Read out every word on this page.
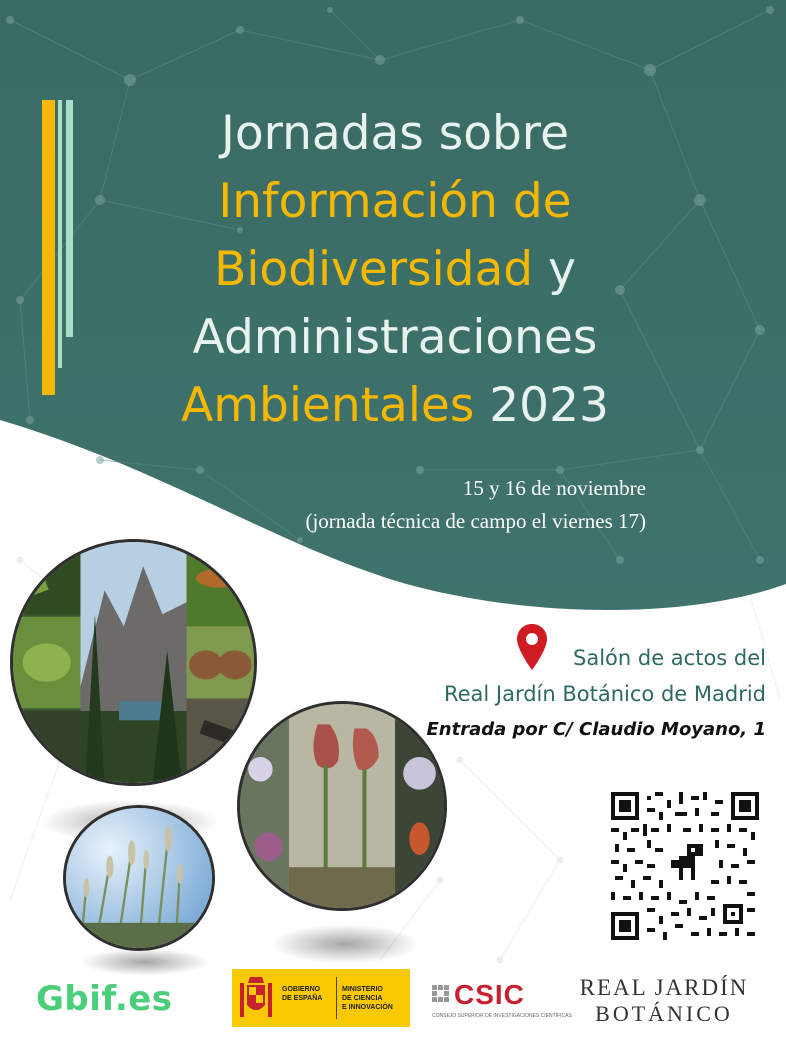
Jornadas sobre
Información de
Biodiversidad y
Administraciones
Ambientales 2023
15 y 16 de noviembre
(jornada técnica de campo el viernes 17)
Salón de actos del
Real Jardín Botánico de Madrid
Entrada por C/ Claudio Moyano, 1
Gbif.es	GOBIERNO
DE ESPAÑA
MINISTERIO
DE CIENCIA
E INNOVACIÓN CSIC
CONSEJO SUPERIOR DE INVESTIGACIONES CIENTÍFICAS
REAL JARDÍN
BOTÁNICO
